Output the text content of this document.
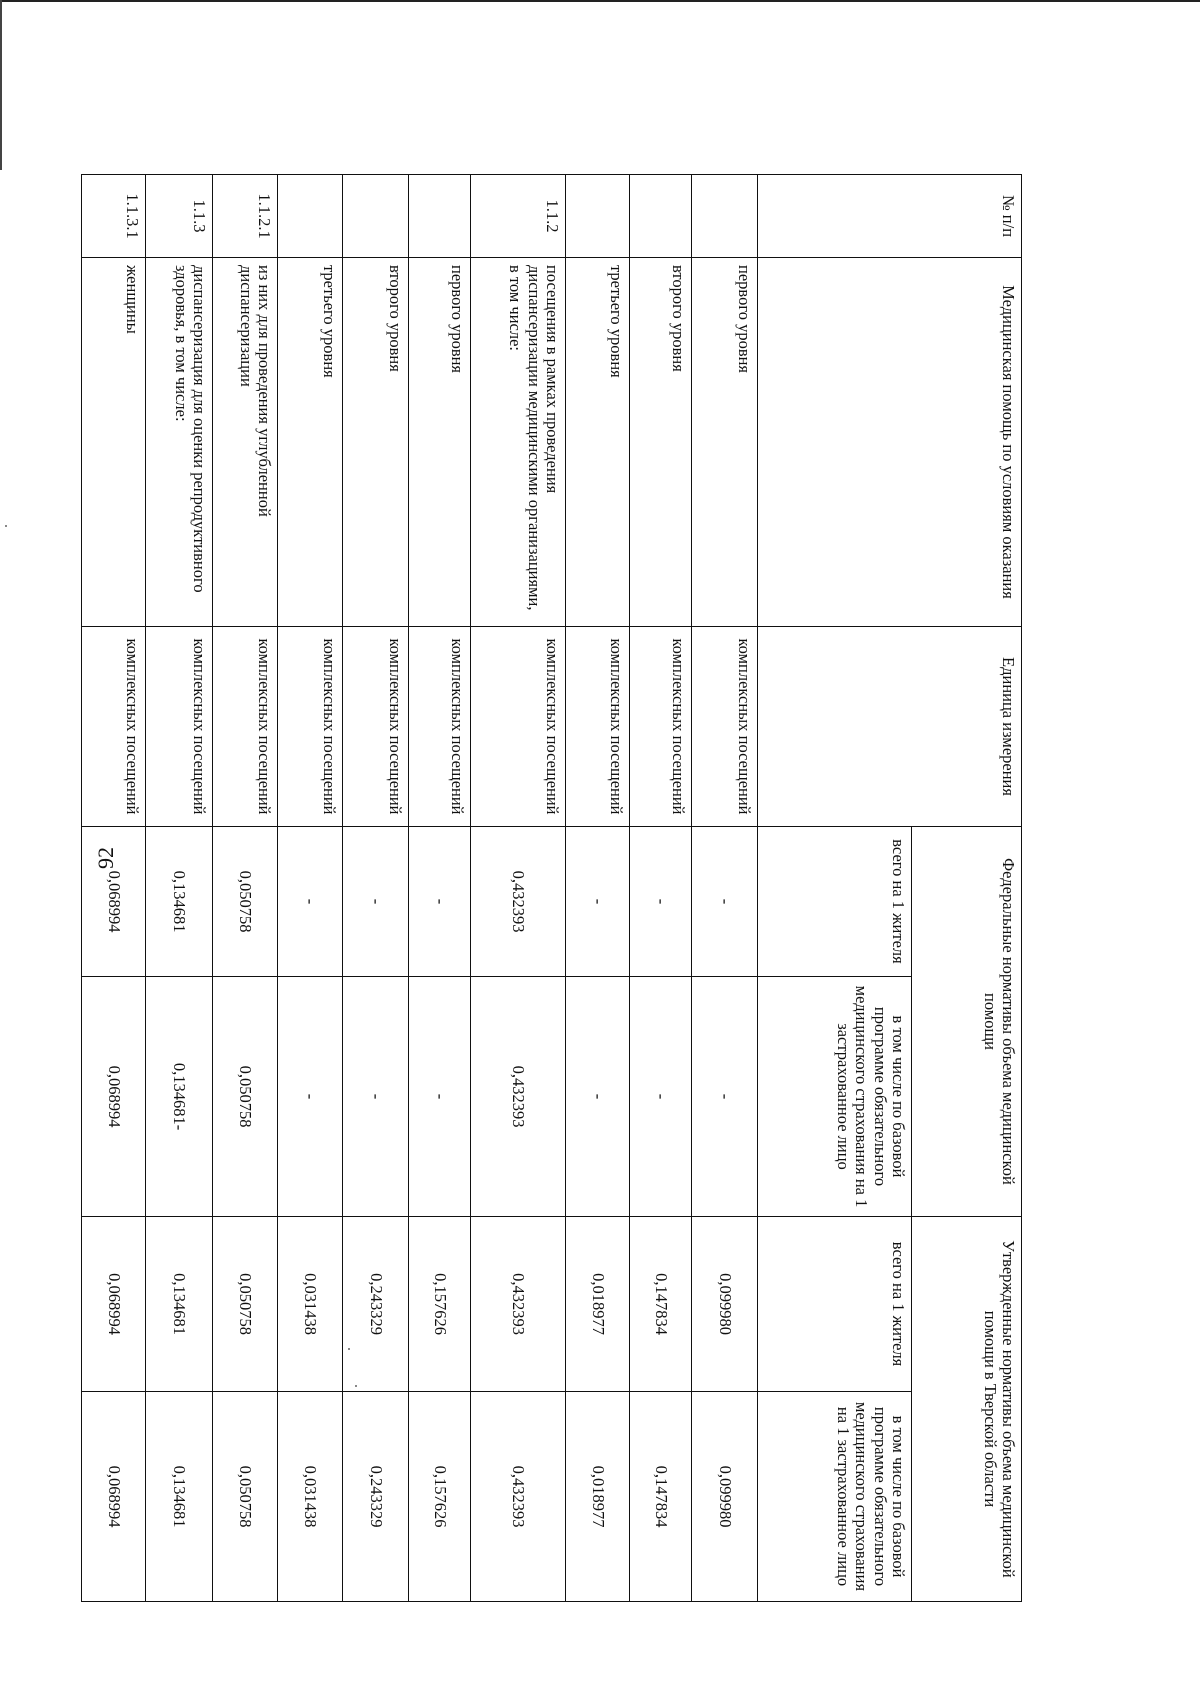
92
№ п/п	Медицинская помощь по условиям оказания	Единица измерения	Федеральные нормативы объема медицинской помощи		Утвержденные нормативы объема медицинской помощи в Тверской области	
			всего на 1 жителя	в том числе по базовой программе обязательного медицинского страхования на 1 застрахованное лицо	всего на 1 жителя	в том числе по базовой программе обязательного медицинского страхования на 1 застрахованное лицо
	первого уровня	комплексных посещений	-	-	0,099980	0,099980
	второго уровня	комплексных посещений	-	-	0,147834	0,147834
	третьего уровня	комплексных посещений	-	-	0,018977	0,018977
1.1.2	посещения в рамках проведения диспансеризации медицинскими организациями, в том числе:	комплексных посещений	0,432393	0,432393	0,432393	0,432393
	первого уровня	комплексных посещений	-	-	0,157626	0,157626
	второго уровня	комплексных посещений	-	-	0,243329	0,243329
	третьего уровня	комплексных посещений	-	-	0,031438	0,031438
1.1.2.1	из них для проведения углубленной диспансеризации	комплексных посещений	0,050758	0,050758	0,050758	0,050758
1.1.3	диспансеризация для оценки репродуктивного здоровья, в том числе:	комплексных посещений	0,134681	0,134681-	0,134681	0,134681
1.1.3.1	женщины	комплексных посещений	0,068994	0,068994	0,068994	0,068994
